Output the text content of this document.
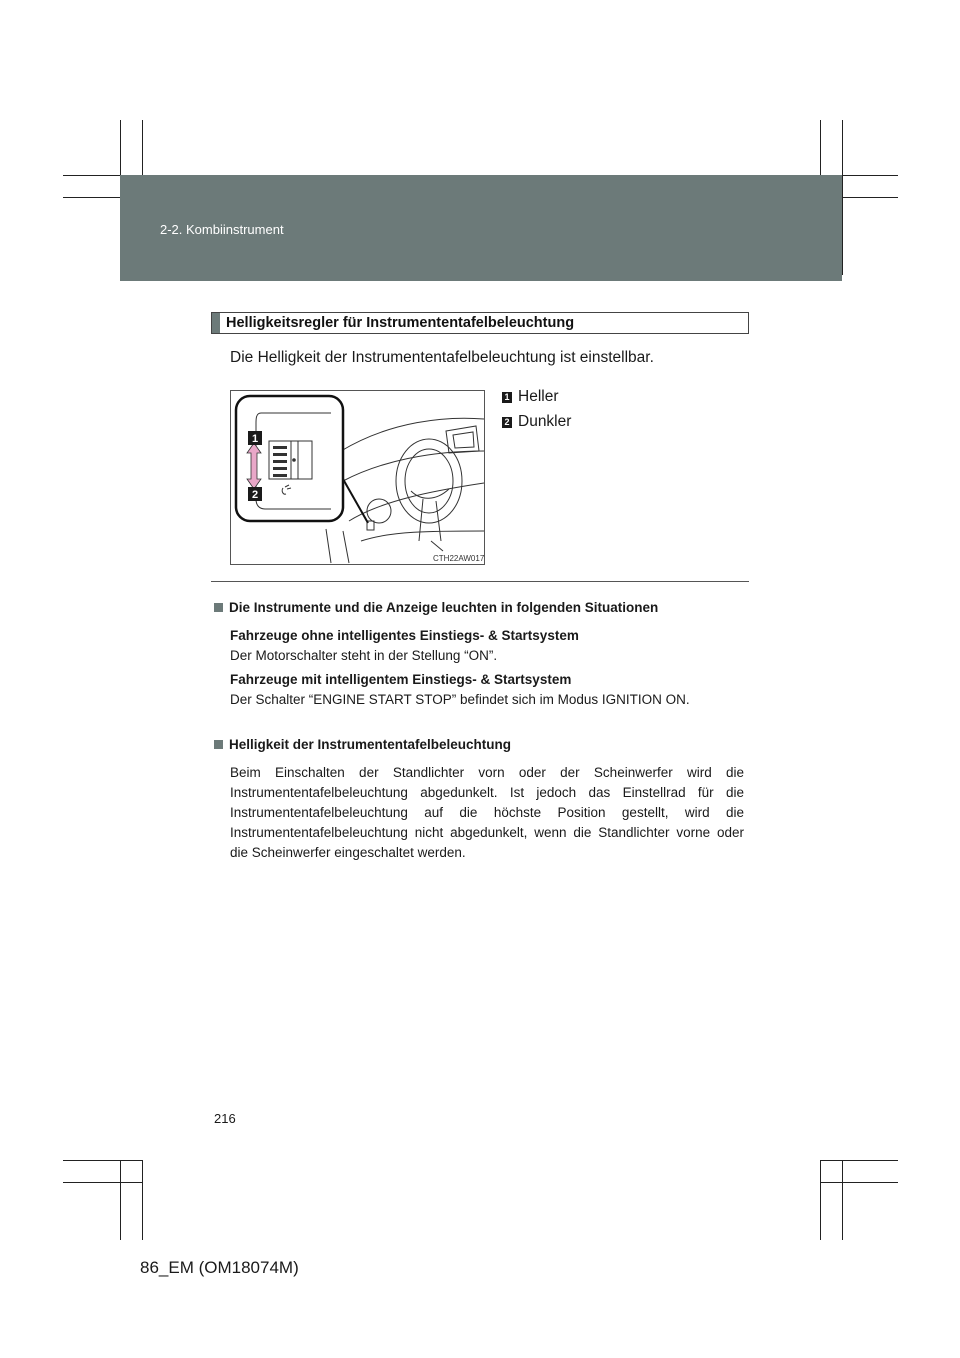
2-2. Kombiinstrument
Helligkeitsregler für Instrumententafelbeleuchtung
Die Helligkeit der Instrumententafelbeleuchtung ist einstellbar.
1
2
CTH22AW017
1 Heller
2 Dunkler
Die Instrumente und die Anzeige leuchten in folgenden Situationen
Fahrzeuge ohne intelligentes Einstiegs- & Startsystem
Der Motorschalter steht in der Stellung “ON”.
Fahrzeuge mit intelligentem Einstiegs- & Startsystem
Der Schalter “ENGINE START STOP” befindet sich im Modus IGNITION ON.
Helligkeit der Instrumententafelbeleuchtung
Beim Einschalten der Standlichter vorn oder der Scheinwerfer wird die Instrumententafelbeleuchtung abgedunkelt. Ist jedoch das Einstellrad für die Instrumententafelbeleuchtung auf die höchste Position gestellt, wird die Instrumententafelbeleuchtung nicht abgedunkelt, wenn die Standlichter vorne oder die Scheinwerfer eingeschaltet werden.
216
86_EM (OM18074M)
